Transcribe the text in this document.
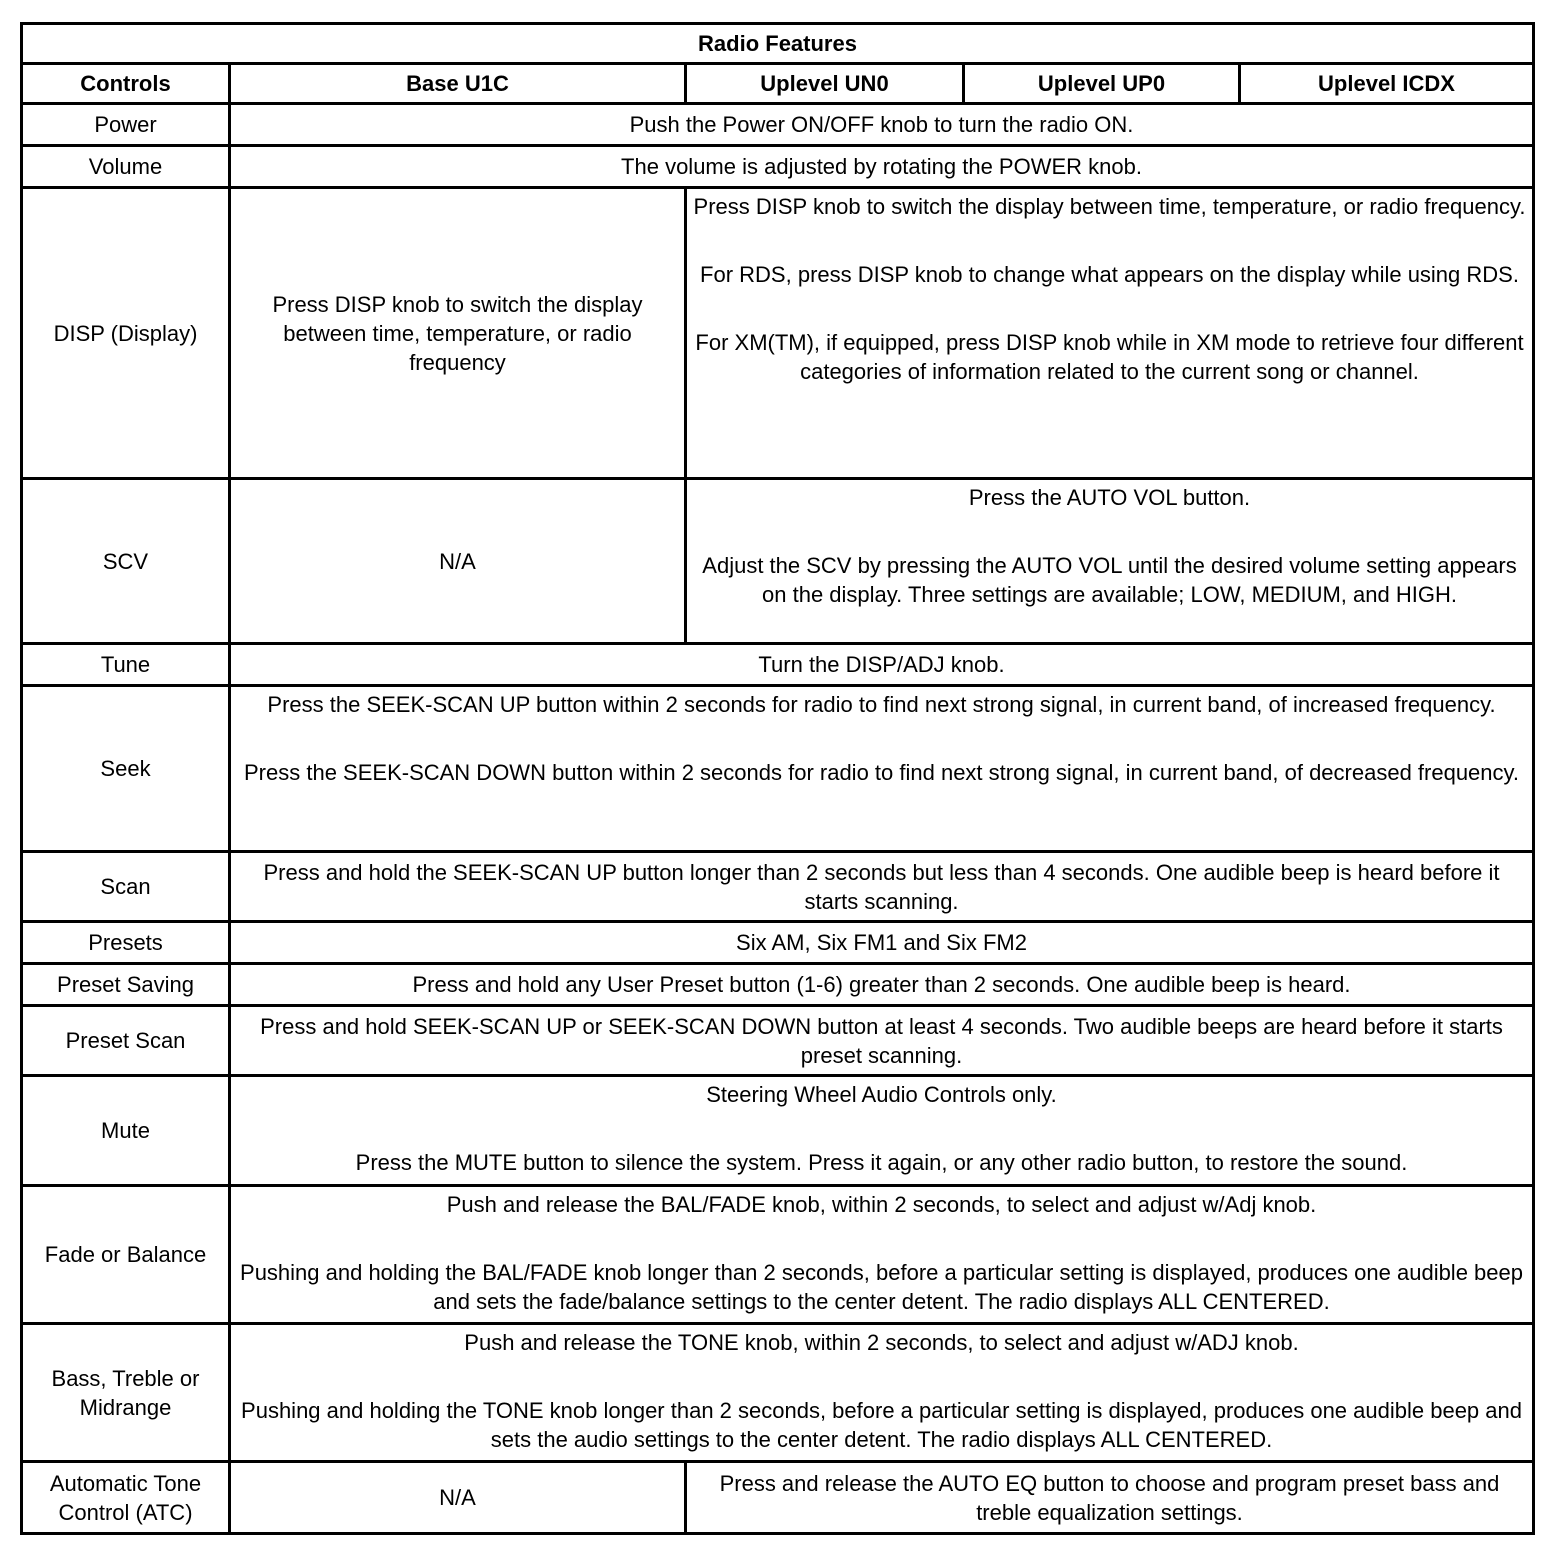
Radio Features				
Controls	Base U1C	Uplevel UN0	Uplevel UP0	Uplevel ICDX
Power	Push the Power ON/OFF knob to turn the radio ON.			
Volume	The volume is adjusted by rotating the POWER knob.			
DISP (Display)	Press DISP knob to switch the display between time, temperature, or radio frequency	Press DISP knob to switch the display between time, temperature, or radio frequency.
For RDS, press DISP knob to change what appears on the display while using RDS.
For XM(TM), if equipped, press DISP knob while in XM mode to retrieve four different categories of information related to the current song or channel.		

SCV	N/A	Press the AUTO VOL button.
Adjust the SCV by pressing the AUTO VOL until the desired volume setting appears on the display. Three settings are available; LOW, MEDIUM, and HIGH.		

Tune	Turn the DISP/ADJ knob.			
Seek	Press the SEEK-SCAN UP button within 2 seconds for radio to find next strong signal, in current band, of increased frequency.
Press the SEEK-SCAN DOWN button within 2 seconds for radio to find next strong signal, in current band, of decreased frequency.			

Scan	Press and hold the SEEK-SCAN UP button longer than 2 seconds but less than 4 seconds. One audible beep is heard before it starts scanning.			
Presets	Six AM, Six FM1 and Six FM2			
Preset Saving	Press and hold any User Preset button (1-6) greater than 2 seconds. One audible beep is heard.			
Preset Scan	Press and hold SEEK-SCAN UP or SEEK-SCAN DOWN button at least 4 seconds. Two audible beeps are heard before it starts preset scanning.			
Mute	Steering Wheel Audio Controls only.
Press the MUTE button to silence the system. Press it again, or any other radio button, to restore the sound.			

Fade or Balance	Push and release the BAL/FADE knob, within 2 seconds, to select and adjust w/Adj knob.
Pushing and holding the BAL/FADE knob longer than 2 seconds, before a particular setting is displayed, produces one audible beep and sets the fade/balance settings to the center detent. The radio displays ALL CENTERED.			

Bass, Treble or Midrange	Push and release the TONE knob, within 2 seconds, to select and adjust w/ADJ knob.
Pushing and holding the TONE knob longer than 2 seconds, before a particular setting is displayed, produces one audible beep and sets the audio settings to the center detent. The radio displays ALL CENTERED.			

Automatic Tone Control (ATC)	N/A	Press and release the AUTO EQ button to choose and program preset bass and treble equalization settings.		
